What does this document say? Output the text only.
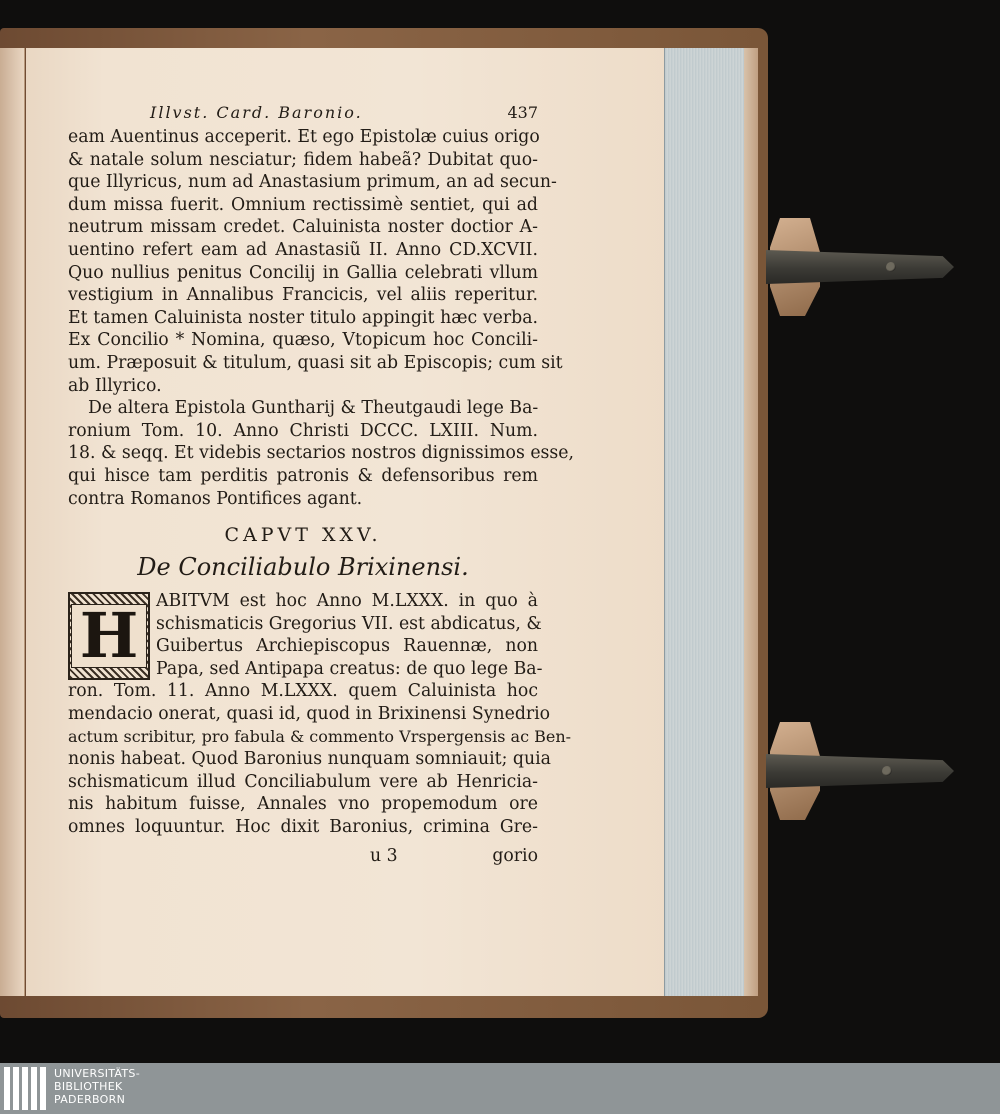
Illvst. Card. Baronio.	437
eam Auentinus acceperit. Et ego Epistolæ cuius origo
& natale solum nesciatur; fidem habeã? Dubitat quo-
que Illyricus, num ad Anastasium primum, an ad secun-
dum missa fuerit. Omnium rectissimè sentiet, qui ad
neutrum missam credet. Caluinista noster doctior A-
uentino refert eam ad Anastasiũ II. Anno CD.XCVII.
Quo nullius penitus Concilij in Gallia celebrati vllum
vestigium in Annalibus Francicis, vel aliis reperitur.
Et tamen Caluinista noster titulo appingit hæc verba.
Ex Concilio * Nomina, quæso, Vtopicum hoc Concili-
um. Præposuit & titulum, quasi sit ab Episcopis; cum sit
ab Illyrico.
De altera Epistola Guntharij & Theutgaudi lege Ba-
ronium Tom. 10. Anno Christi DCCC. LXIII. Num.
18. & seqq. Et videbis sectarios nostros dignissimos esse,
qui hisce tam perditis patronis & defensoribus rem
contra Romanos Pontifices agant.
CAPVT XXV.
De Conciliabulo Brixinensi.
H	ABITVM est hoc Anno M.LXXX. in quo à
schismaticis Gregorius VII. est abdicatus, &
Guibertus Archiepiscopus Rauennæ, non
Papa, sed Antipapa creatus: de quo lege Ba-
ron. Tom. 11. Anno M.LXXX. quem Caluinista hoc
mendacio onerat, quasi id, quod in Brixinensi Synedrio
actum scribitur, pro fabula & commento Vrspergensis ac Ben-
nonis habeat. Quod Baronius nunquam somniauit; quia
schismaticum illud Conciliabulum vere ab Henricia-
nis habitum fuisse, Annales vno propemodum ore
omnes loquuntur. Hoc dixit Baronius, crimina Gre-
u 3	gorio
UNIVERSITÄTS-
BIBLIOTHEK
PADERBORN
